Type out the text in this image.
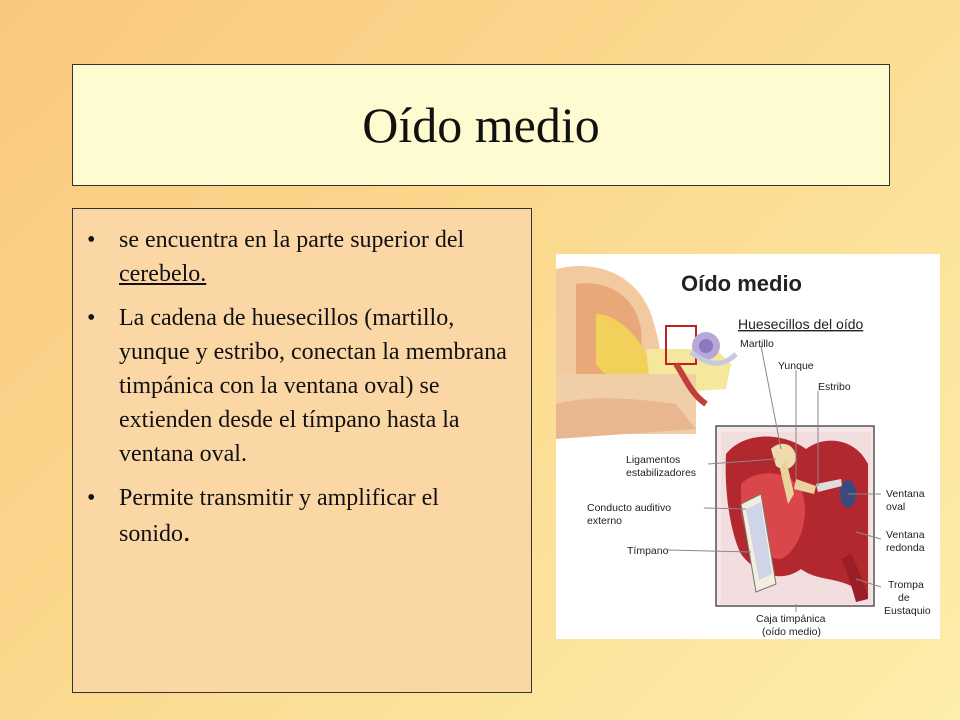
Oído medio
• se encuentra en la parte superior del cerebelo.
• La cadena de huesecillos (martillo, yunque y estribo, conectan la membrana timpánica con la ventana oval) se extienden desde el tímpano hasta la ventana oval.
• Permite transmitir y amplificar el sonido.
Oído medio
Huesecillos del oído
Martillo
Yunque
Estribo
Ligamentos
estabilizadores
Conducto auditivo
externo
Tímpano
Ventana
oval
Ventana
redonda
Trompa
de
Eustaquio
Caja timpánica
(oído medio)
